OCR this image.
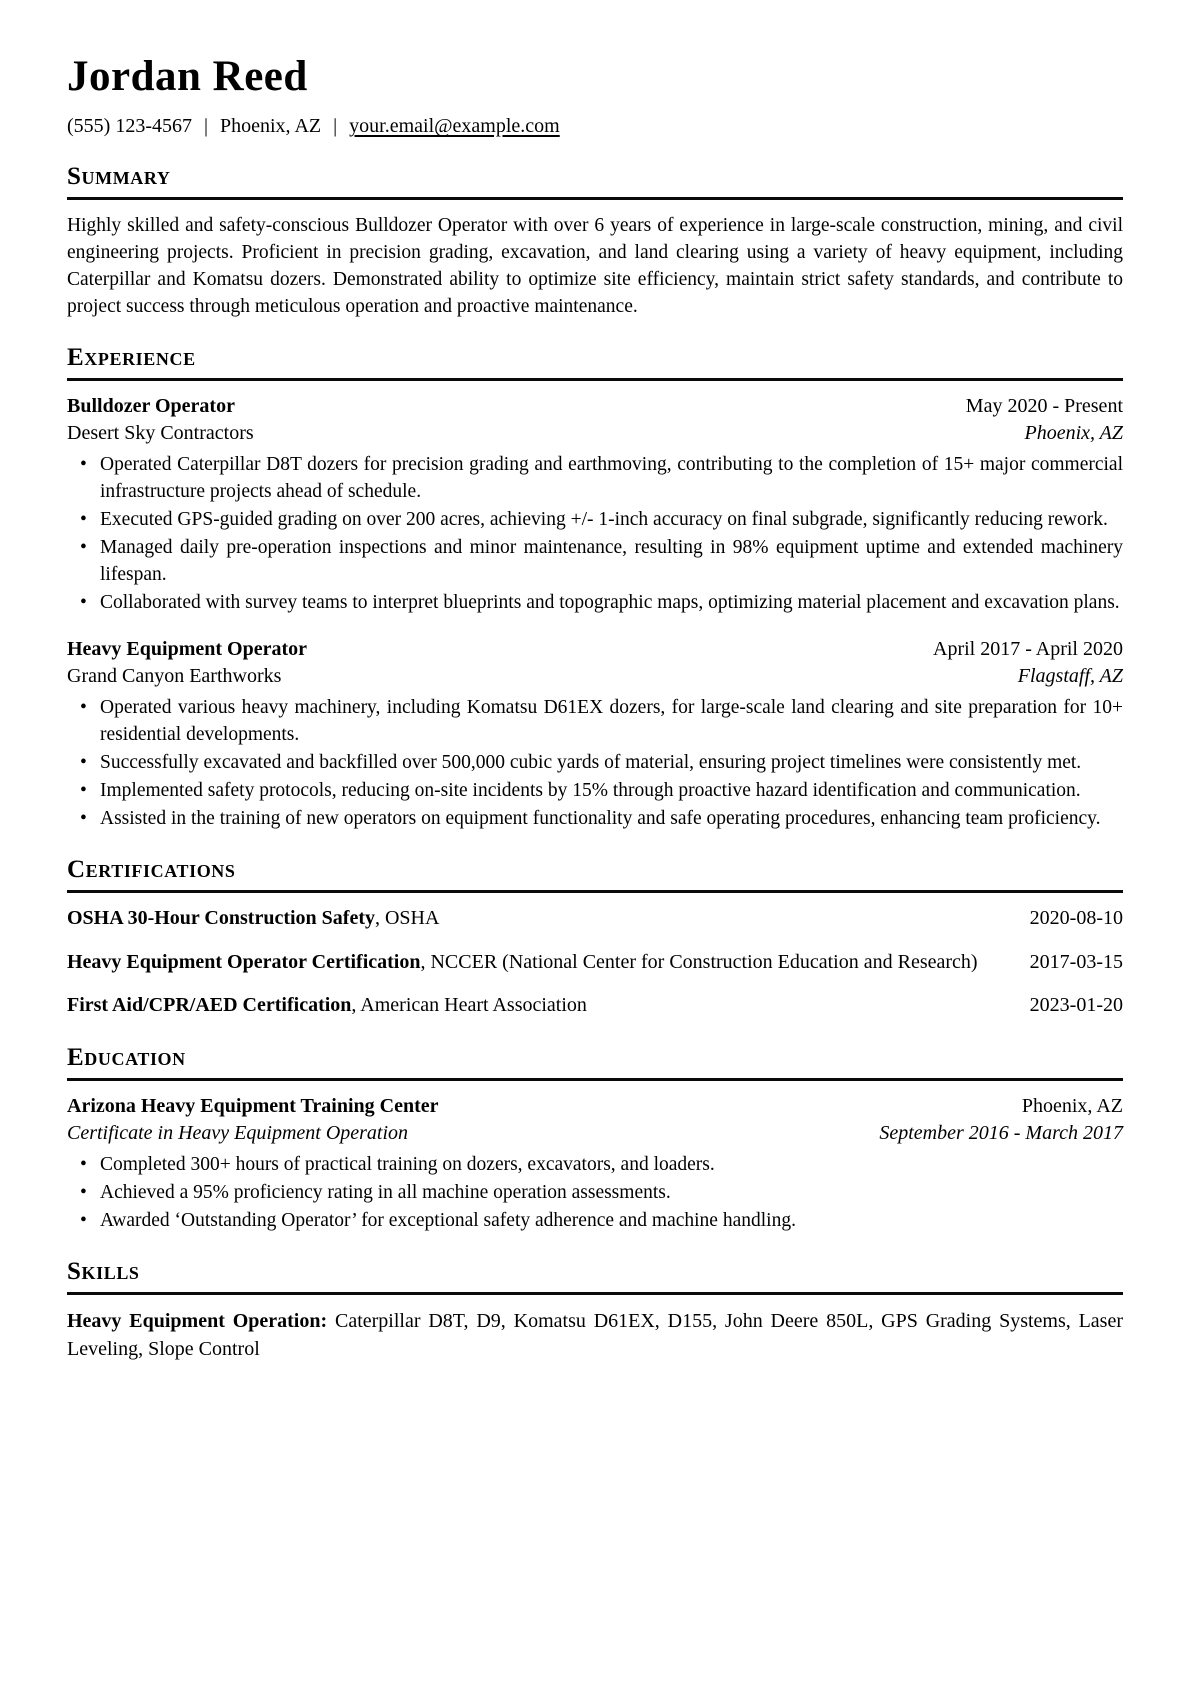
Jordan Reed
(555) 123-4567 | Phoenix, AZ | your.email@example.com
Summary

Highly skilled and safety-conscious Bulldozer Operator with over 6 years of experience in large-scale construction, mining, and civil engineering projects. Proficient in precision grading, excavation, and land clearing using a variety of heavy equipment, including Caterpillar and Komatsu dozers. Demonstrated ability to optimize site efficiency, maintain strict safety standards, and contribute to project success through meticulous operation and proactive maintenance.

Experience
Bulldozer Operator	May 2020 - Present
Desert Sky Contractors	Phoenix, AZ
• Operated Caterpillar D8T dozers for precision grading and earthmoving, contributing to the completion of 15+ major commercial infrastructure projects ahead of schedule.
• Executed GPS-guided grading on over 200 acres, achieving +/- 1-inch accuracy on final subgrade, significantly reducing rework.
• Managed daily pre-operation inspections and minor maintenance, resulting in 98% equipment uptime and extended machinery lifespan.
• Collaborated with survey teams to interpret blueprints and topographic maps, optimizing material placement and excavation plans.
Heavy Equipment Operator	April 2017 - April 2020
Grand Canyon Earthworks	Flagstaff, AZ
• Operated various heavy machinery, including Komatsu D61EX dozers, for large-scale land clearing and site preparation for 10+ residential developments.
• Successfully excavated and backfilled over 500,000 cubic yards of material, ensuring project timelines were consistently met.
• Implemented safety protocols, reducing on-site incidents by 15% through proactive hazard identification and communication.
• Assisted in the training of new operators on equipment functionality and safe operating procedures, enhancing team proficiency.
Certifications
OSHA 30-Hour Construction Safety, OSHA	2020-08-10
Heavy Equipment Operator Certification, NCCER (National Center for Construction Education and Research)	2017-03-15
First Aid/CPR/AED Certification, American Heart Association	2023-01-20
Education
Arizona Heavy Equipment Training Center	Phoenix, AZ
Certificate in Heavy Equipment Operation	September 2016 - March 2017
• Completed 300+ hours of practical training on dozers, excavators, and loaders.
• Achieved a 95% proficiency rating in all machine operation assessments.
• Awarded ‘Outstanding Operator’ for exceptional safety adherence and machine handling.
Skills

Heavy Equipment Operation: Caterpillar D8T, D9, Komatsu D61EX, D155, John Deere 850L, GPS Grading Systems, Laser Leveling, Slope Control
